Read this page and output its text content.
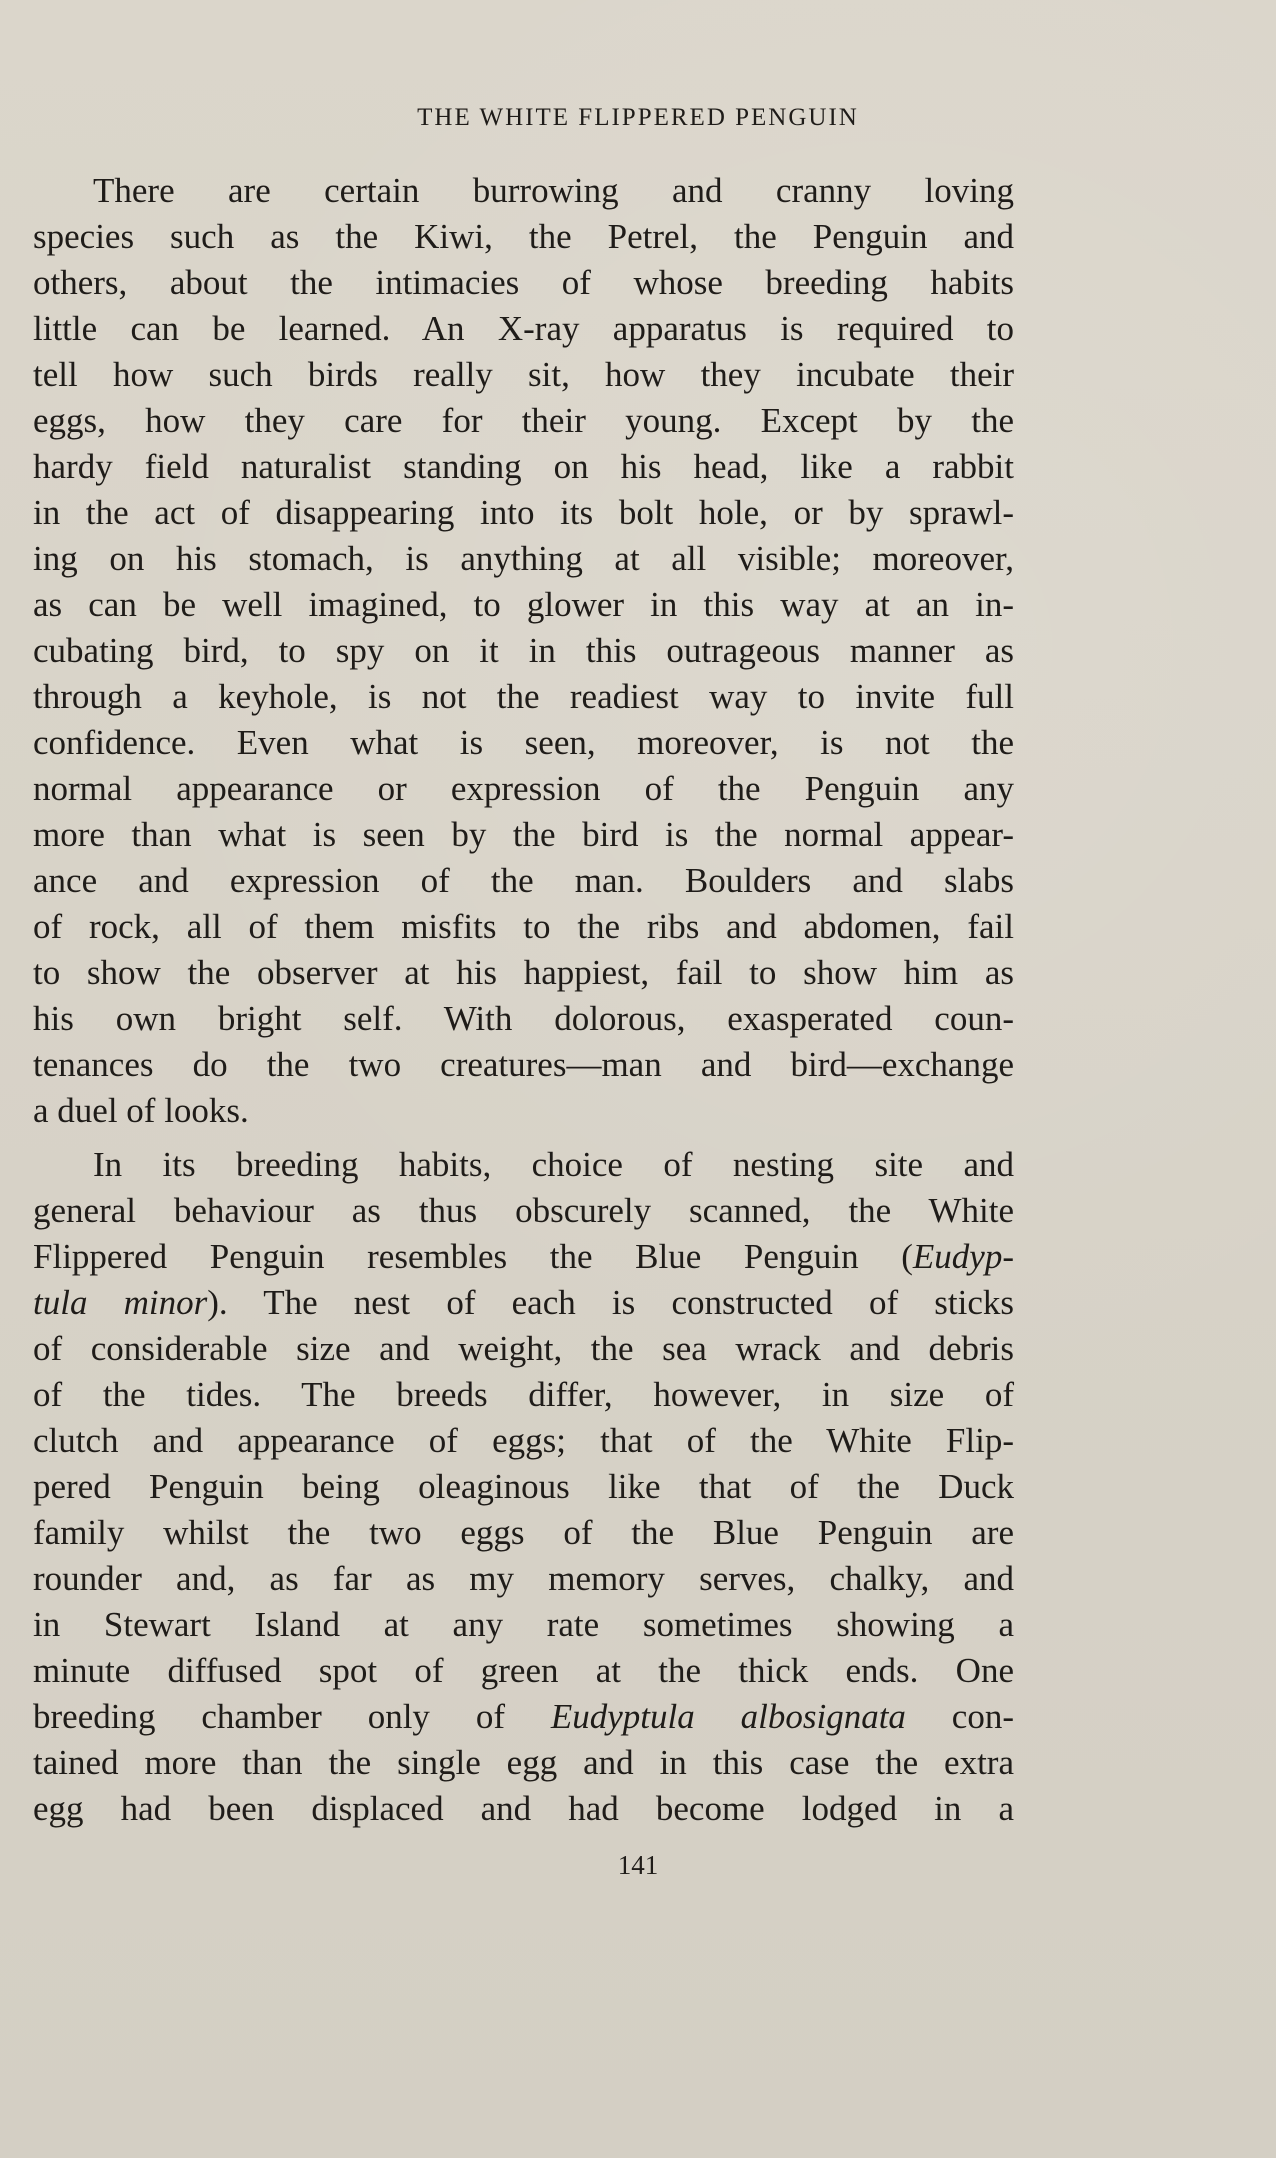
THE WHITE FLIPPERED PENGUIN
There are certain burrowing and cranny loving
species such as the Kiwi, the Petrel, the Penguin and
others, about the intimacies of whose breeding habits
little can be learned. An X-ray apparatus is required to
tell how such birds really sit, how they incubate their
eggs, how they care for their young. Except by the
hardy field naturalist standing on his head, like a rabbit
in the act of disappearing into its bolt hole, or by sprawl-
ing on his stomach, is anything at all visible; moreover,
as can be well imagined, to glower in this way at an in-
cubating bird, to spy on it in this outrageous manner as
through a keyhole, is not the readiest way to invite full
confidence. Even what is seen, moreover, is not the
normal appearance or expression of the Penguin any
more than what is seen by the bird is the normal appear-
ance and expression of the man. Boulders and slabs
of rock, all of them misfits to the ribs and abdomen, fail
to show the observer at his happiest, fail to show him as
his own bright self. With dolorous, exasperated coun-
tenances do the two creatures—man and bird—exchange
a duel of looks.
In its breeding habits, choice of nesting site and
general behaviour as thus obscurely scanned, the White
Flippered Penguin resembles the Blue Penguin (Eudyp-
tula minor). The nest of each is constructed of sticks
of considerable size and weight, the sea wrack and debris
of the tides. The breeds differ, however, in size of
clutch and appearance of eggs; that of the White Flip-
pered Penguin being oleaginous like that of the Duck
family whilst the two eggs of the Blue Penguin are
rounder and, as far as my memory serves, chalky, and
in Stewart Island at any rate sometimes showing a
minute diffused spot of green at the thick ends. One
breeding chamber only of Eudyptula albosignata con-
tained more than the single egg and in this case the extra
egg had been displaced and had become lodged in a
141
